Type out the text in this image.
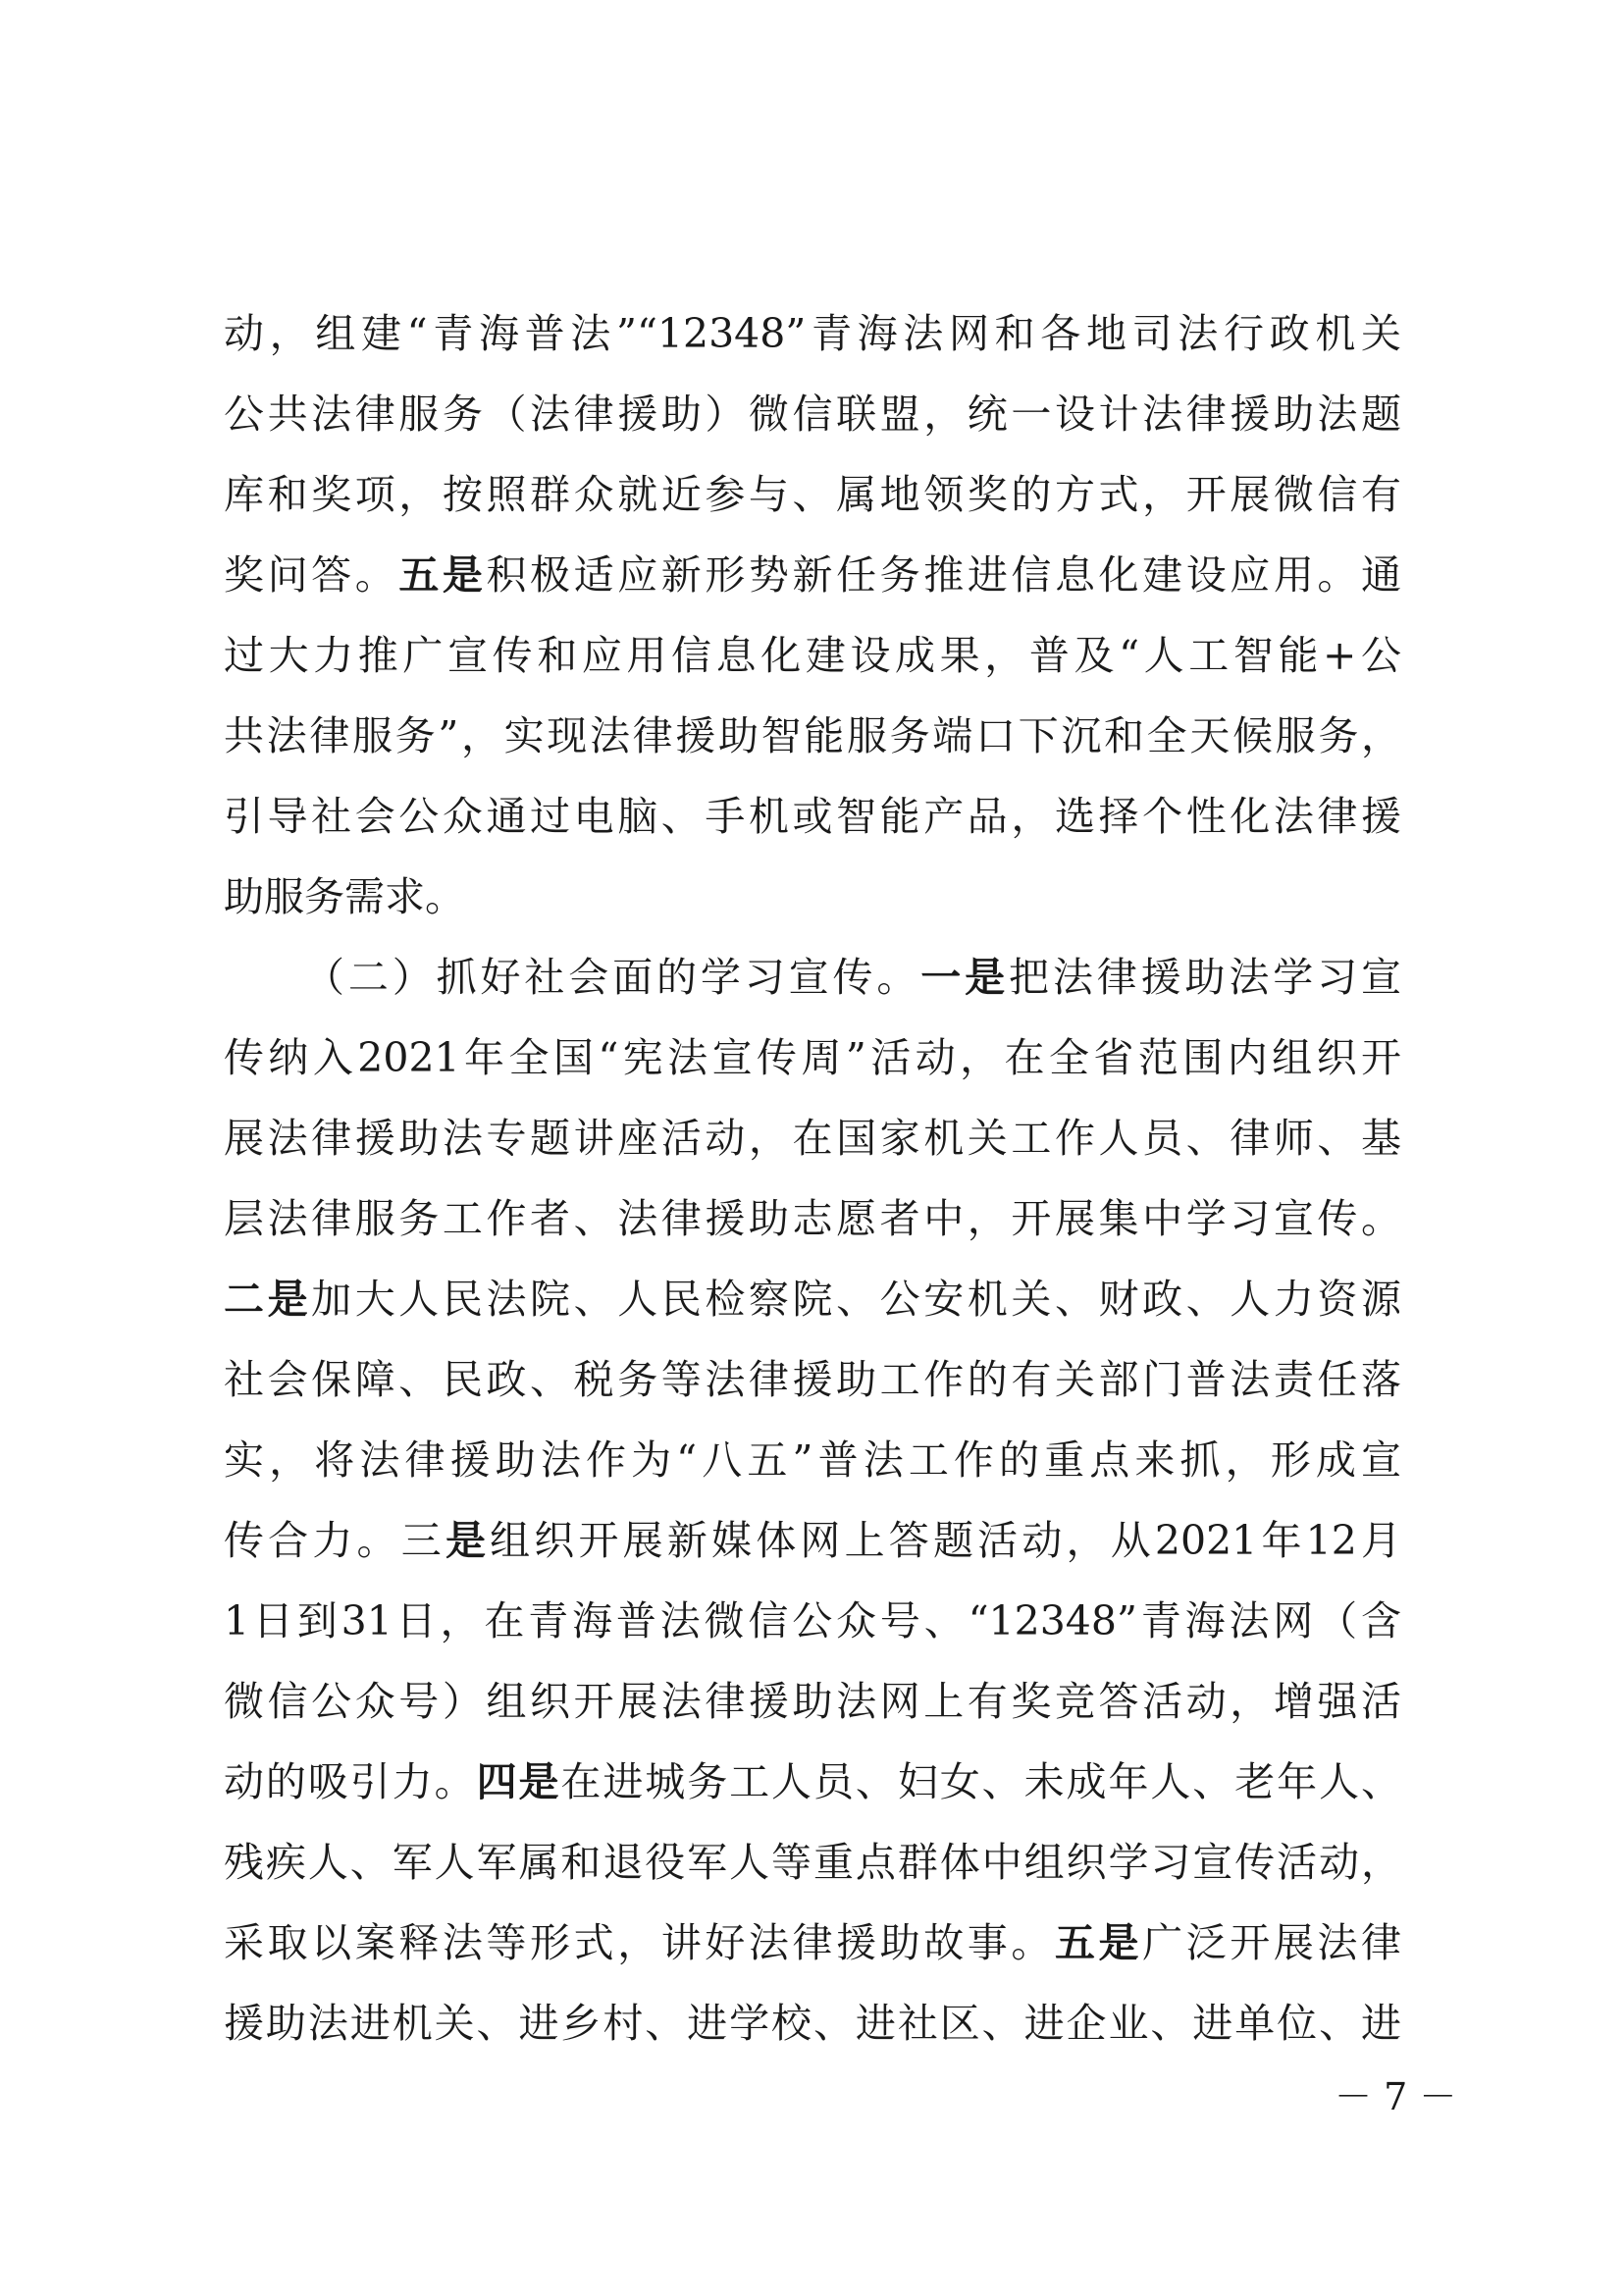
动，组建“青海普法”“12348”青海法网和各地司法行政机关
公共法律服务（法律援助）微信联盟，统一设计法律援助法题
库和奖项，按照群众就近参与、属地领奖的方式，开展微信有
奖问答。五是积极适应新形势新任务推进信息化建设应用。通
过大力推广宣传和应用信息化建设成果，普及“人工智能+公
共法律服务”，实现法律援助智能服务端口下沉和全天候服务，
引导社会公众通过电脑、手机或智能产品，选择个性化法律援
助服务需求。
（二）抓好社会面的学习宣传。一是把法律援助法学习宣
传纳入2021年全国“宪法宣传周”活动，在全省范围内组织开
展法律援助法专题讲座活动，在国家机关工作人员、律师、基
层法律服务工作者、法律援助志愿者中，开展集中学习宣传。
二是加大人民法院、人民检察院、公安机关、财政、人力资源
社会保障、民政、税务等法律援助工作的有关部门普法责任落
实，将法律援助法作为“八五”普法工作的重点来抓，形成宣
传合力。三是组织开展新媒体网上答题活动，从2021年12月
1日到31日，在青海普法微信公众号、“12348”青海法网（含
微信公众号）组织开展法律援助法网上有奖竞答活动，增强活
动的吸引力。四是在进城务工人员、妇女、未成年人、老年人、
残疾人、军人军属和退役军人等重点群体中组织学习宣传活动，
采取以案释法等形式，讲好法律援助故事。五是广泛开展法律
援助法进机关、进乡村、进学校、进社区、进企业、进单位、进
－ 7 －
